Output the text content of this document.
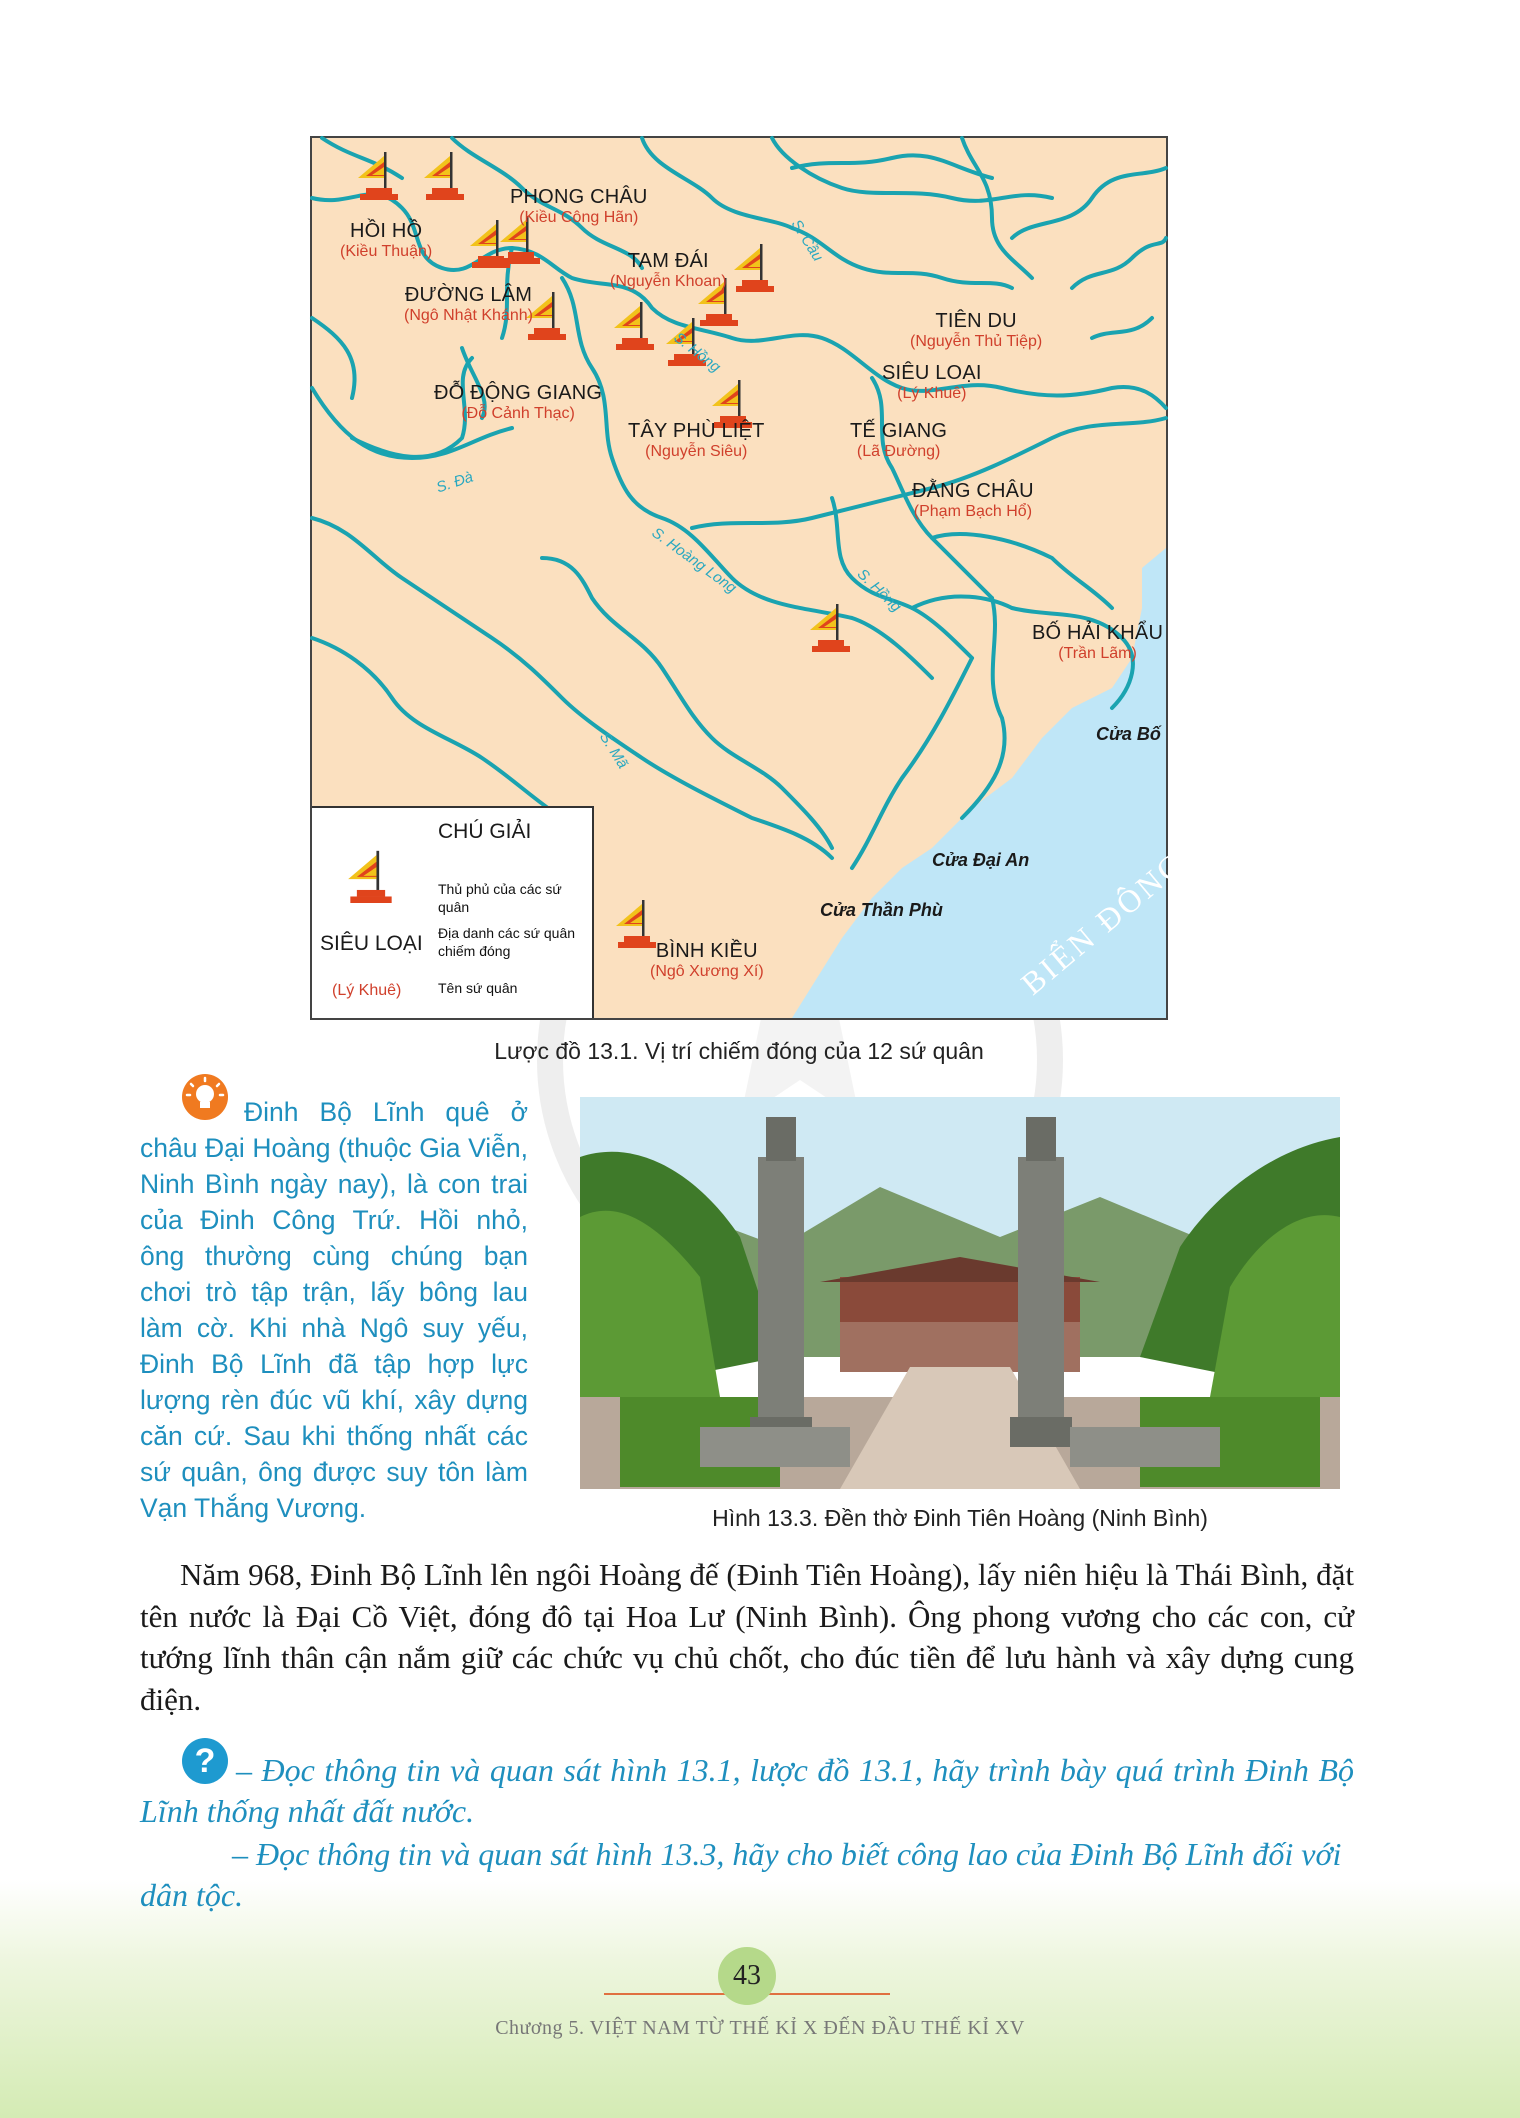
HỒI HỒ
(Kiều Thuận)
PHONG CHÂU
(Kiều Công Hãn)
TAM ĐÁI
(Nguyễn Khoan)
ĐƯỜNG LÂM
(Ngô Nhật Khánh)	TIÊN DU
(Nguyễn Thủ Tiệp)
SIÊU LOẠI
(Lý Khuê)
ĐỖ ĐỘNG GIANG
(Đỗ Cảnh Thạc)
TÂY PHÙ LIỆT
(Nguyễn Siêu)
TẾ GIANG
(Lã Đường)
ĐẰNG CHÂU
(Phạm Bạch Hổ)
BỐ HẢI KHẨU
(Trần Lãm)
BÌNH KIỀU
(Ngô Xương Xí)
S. Cầu
S. Hồng
S. Đà
S. Hoàng Long	S. Hồng
S. Mã	Cửa Bố
Cửa Đại An
Cửa Thần Phù BIỂN ĐÔNG
CHÚ GIẢI
Thủ phủ của các sứ quân
Địa danh các sứ quân chiếm đóng
Tên sứ quân
SIÊU LOẠI
(Lý Khuê)
Lược đồ 13.1. Vị trí chiếm đóng của 12 sứ quân

Đinh Bộ Lĩnh quê ở châu Đại Hoàng (thuộc Gia Viễn, Ninh Bình ngày nay), là con trai của Đinh Công Trứ. Hồi nhỏ, ông thường cùng chúng bạn chơi trò tập trận, lấy bông lau làm cờ. Khi nhà Ngô suy yếu, Đinh Bộ Lĩnh đã tập hợp lực lượng rèn đúc vũ khí, xây dựng căn cứ. Sau khi thống nhất các sứ quân, ông được suy tôn làm Vạn Thắng Vương.	Hình 13.3. Đền thờ Đinh Tiên Hoàng (Ninh Bình)

Năm 968, Đinh Bộ Lĩnh lên ngôi Hoàng đế (Đinh Tiên Hoàng), lấy niên hiệu là Thái Bình, đặt tên nước là Đại Cồ Việt, đóng đô tại Hoa Lư (Ninh Bình). Ông phong vương cho các con, cử tướng lĩnh thân cận nắm giữ các chức vụ chủ chốt, cho đúc tiền để lưu hành và xây dựng cung điện.

? – Đọc thông tin và quan sát hình 13.1, lược đồ 13.1, hãy trình bày quá trình Đinh Bộ Lĩnh thống nhất đất nước.

– Đọc thông tin và quan sát hình 13.3, hãy cho biết công lao của Đinh Bộ Lĩnh đối với dân tộc.

43
Chương 5. VIỆT NAM TỪ THẾ KỈ X ĐẾN ĐẦU THẾ KỈ XV
